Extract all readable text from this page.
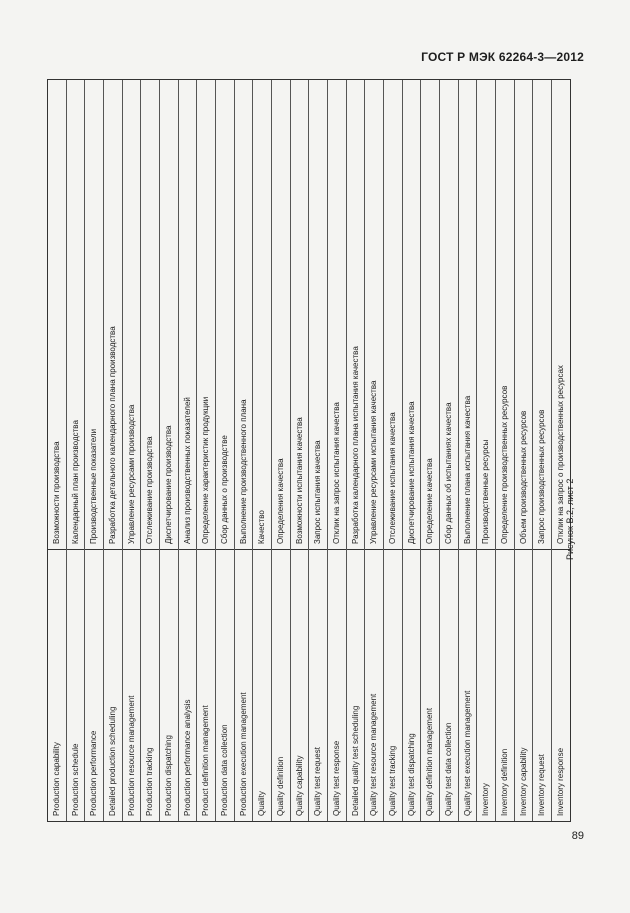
ГОСТ Р МЭК 62264-3—2012
Production capability
Возможности производства
Production schedule
Календарный план производства
Production performance
Производственные показатели
Detailed production scheduling
Разработка детального календарного плана производства
Production resource management
Управление ресурсами производства
Production tracking
Отслеживание производства
Production dispatching
Диспетчирование производства
Production performance analysis
Анализ производственных показателей
Product definition management
Определение характеристик продукции
Production data collection
Сбор данных о производстве
Production execution management
Выполнение производственного плана
Quality
Качество
Quality definition
Определения качества
Quality capability
Возможности испытания качества
Quality test request
Запрос испытания качества
Quality test response
Отклик на запрос испытания качества
Detailed quality test scheduling
Разработка календарного плана испытания качества
Quality test resource management
Управление ресурсами испытания качества
Quality test tracking
Отслеживание испытания качества
Quality test dispatching
Диспетчирование испытания качества
Quality definition management
Определение качества
Quality test data collection
Сбор данных об испытаниях качества
Quality test execution management
Выполнение плана испытания качества
Inventory
Производственные ресурсы
Inventory definition
Определение производственных ресурсов
Inventory capability
Объем производственных ресурсов
Inventory request
Запрос производственных ресурсов
Inventory response
Отклик на запрос о производственных ресурсах Рисунок В.2, лист 2
89
